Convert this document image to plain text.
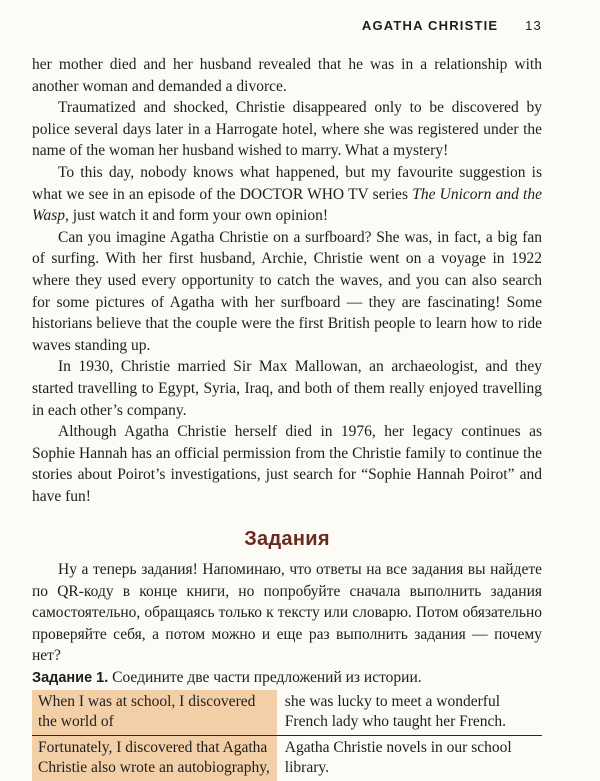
AGATHA CHRISTIE 13

her mother died and her husband revealed that he was in a relationship with another woman and demanded a divorce.

Traumatized and shocked, Christie disappeared only to be discovered by police several days later in a Harrogate hotel, where she was registered under the name of the woman her husband wished to marry. What a mystery!

To this day, nobody knows what happened, but my favourite suggestion is what we see in an episode of the DOCTOR WHO TV series The Unicorn and the Wasp, just watch it and form your own opinion!

Can you imagine Agatha Christie on a surfboard? She was, in fact, a big fan of surfing. With her first husband, Archie, Christie went on a voyage in 1922 where they used every opportunity to catch the waves, and you can also search for some pictures of Agatha with her surfboard — they are fascinating! Some historians believe that the couple were the first British people to learn how to ride waves standing up.

In 1930, Christie married Sir Max Mallowan, an archaeologist, and they started travelling to Egypt, Syria, Iraq, and both of them really enjoyed travelling in each other’s company.

Although Agatha Christie herself died in 1976, her legacy continues as Sophie Hannah has an official permission from the Christie family to continue the stories about Poirot’s investigations, just search for “Sophie Hannah Poirot” and have fun!

Задания

Ну а теперь задания! Напоминаю, что ответы на все задания вы найдете по QR-коду в конце книги, но попробуйте сначала выполнить задания самостоятельно, обращаясь только к тексту или словарю. Потом обязательно проверяйте себя, а потом можно и еще раз выполнить задания — почему нет?

Задание 1. Соедините две части предложений из истории.

When I was at school, I discovered the world of	she was lucky to meet a wonderful French lady who taught her French.
Fortunately, I discovered that Agatha Christie also wrote an autobiography,	Agatha Christie novels in our school library.
